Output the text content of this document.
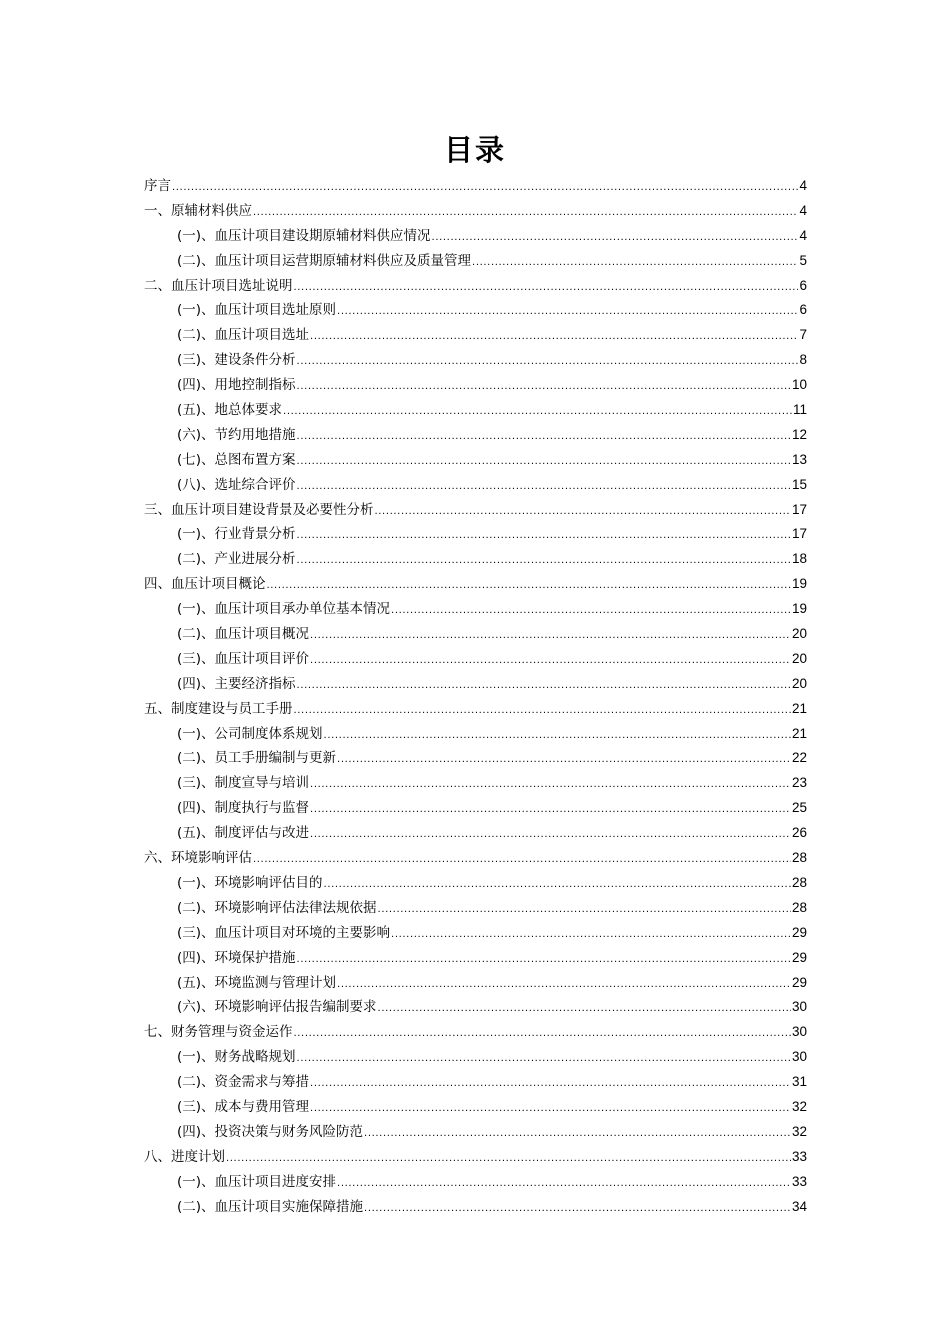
目录
序言 .....	4
一、原辅材料供应 .....	4
(一)、血压计项目建设期原辅材料供应情况 .....	4
(二)、血压计项目运营期原辅材料供应及质量管理 .....	5
二、血压计项目选址说明 .....	6
(一)、血压计项目选址原则 .....	6
(二)、血压计项目选址 .....	7
(三)、建设条件分析 .....	8
(四)、用地控制指标 .....	10
(五)、地总体要求 .....	11
(六)、节约用地措施 .....	12
(七)、总图布置方案 .....	13
(八)、选址综合评价 .....	15
三、血压计项目建设背景及必要性分析 .....	17
(一)、行业背景分析 .....	17
(二)、产业进展分析 .....	18
四、血压计项目概论 .....	19
(一)、血压计项目承办单位基本情况 .....	19
(二)、血压计项目概况 .....	20
(三)、血压计项目评价 .....	20
(四)、主要经济指标 .....	20
五、制度建设与员工手册 .....	21
(一)、公司制度体系规划 .....	21
(二)、员工手册编制与更新 .....	22
(三)、制度宣导与培训 .....	23
(四)、制度执行与监督 .....	25
(五)、制度评估与改进 .....	26
六、环境影响评估 .....	28
(一)、环境影响评估目的 .....	28
(二)、环境影响评估法律法规依据 .....	28
(三)、血压计项目对环境的主要影响 .....	29
(四)、环境保护措施 .....	29
(五)、环境监测与管理计划 .....	29
(六)、环境影响评估报告编制要求 .....	30
七、财务管理与资金运作 .....	30
(一)、财务战略规划 .....	30
(二)、资金需求与筹措 .....	31
(三)、成本与费用管理 .....	32
(四)、投资决策与财务风险防范 .....	32
八、进度计划 .....	33
(一)、血压计项目进度安排 .....	33
(二)、血压计项目实施保障措施 .....	34
